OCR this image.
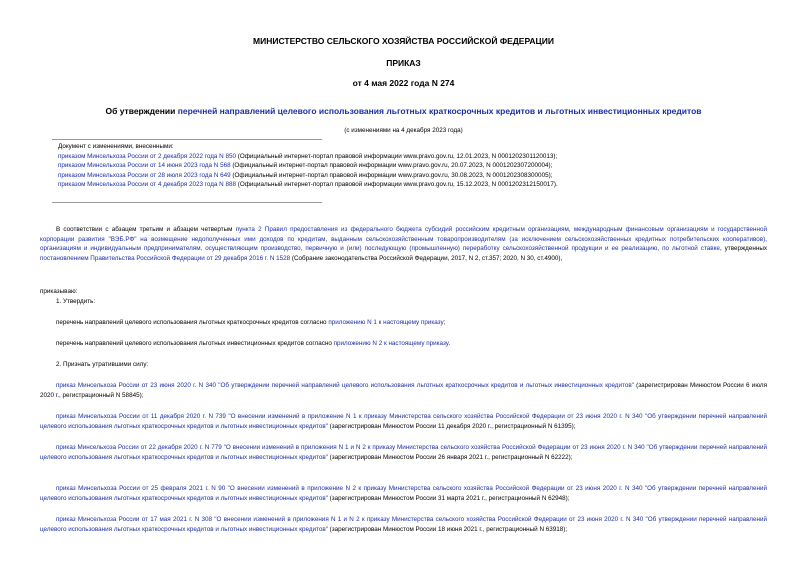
МИНИСТЕРСТВО СЕЛЬСКОГО ХОЗЯЙСТВА РОССИЙСКОЙ ФЕДЕРАЦИИ
ПРИКАЗ
от 4 мая 2022 года N 274
Об утверждении перечней направлений целевого использования льготных краткосрочных кредитов и льготных инвестиционных кредитов
(с изменениями на 4 декабря 2023 года)
Документ с изменениями, внесенными:
приказом Минсельхоза России от 2 декабря 2022 года N 850 (Официальный интернет-портал правовой информации www.pravo.gov.ru, 12.01.2023, N 0001202301120013);
приказом Минсельхоза России от 14 июня 2023 года N 568 (Официальный интернет-портал правовой информации www.pravo.gov.ru, 20.07.2023, N 0001202307200004);
приказом Минсельхоза России от 28 июля 2023 года N 649 (Официальный интернет-портал правовой информации www.pravo.gov.ru, 30.08.2023, N 0001202308300005);
приказом Минсельхоза России от 4 декабря 2023 года N 888 (Официальный интернет-портал правовой информации www.pravo.gov.ru, 15.12.2023, N 0001202312150017).
В соответствии с абзацем третьим и абзацем четвертым пункта 2 Правил предоставления из федерального бюджета субсидий российским кредитным организациям, международным финансовым организациям и государственной корпорации развития "ВЭБ.РФ" на возмещение недополученных ими доходов по кредитам, выданным сельскохозяйственным товаропроизводителям (за исключением сельскохозяйственных кредитных потребительских кооперативов), организациям и индивидуальным предпринимателям, осуществляющим производство, первичную и (или) последующую (промышленную) переработку сельскохозяйственной продукции и ее реализацию, по льготной ставке, утвержденных постановлением Правительства Российской Федерации от 29 декабря 2016 г. N 1528 (Собрание законодательства Российской Федерации, 2017, N 2, ст.357; 2020, N 30, ст.4900),
приказываю:
1. Утвердить:
перечень направлений целевого использования льготных краткосрочных кредитов согласно приложению N 1 к настоящему приказу;
перечень направлений целевого использования льготных инвестиционных кредитов согласно приложению N 2 к настоящему приказу.
2. Признать утратившими силу:
приказ Минсельхоза России от 23 июня 2020 г. N 340 "Об утверждении перечней направлений целевого использования льготных краткосрочных кредитов и льготных инвестиционных кредитов" (зарегистрирован Минюстом России 6 июля 2020 г., регистрационный N 58845);
приказ Минсельхоза России от 11 декабря 2020 г. N 739 "О внесении изменений в приложение N 1 к приказу Министерства сельского хозяйства Российской Федерации от 23 июня 2020 г. N 340 "Об утверждении перечней направлений целевого использования льготных краткосрочных кредитов и льготных инвестиционных кредитов" (зарегистрирован Минюстом России 11 декабря 2020 г., регистрационный N 61395);
приказ Минсельхоза России от 22 декабря 2020 г. N 779 "О внесении изменений в приложения N 1 и N 2 к приказу Министерства сельского хозяйства Российской Федерации от 23 июня 2020 г. N 340 "Об утверждении перечней направлений целевого использования льготных краткосрочных кредитов и льготных инвестиционных кредитов" (зарегистрирован Минюстом России 26 января 2021 г., регистрационный N 62222);
приказ Минсельхоза России от 25 февраля 2021 г. N 90 "О внесении изменений в приложение N 2 к приказу Министерства сельского хозяйства Российской Федерации от 23 июня 2020 г. N 340 "Об утверждении перечней направлений целевого использования льготных краткосрочных кредитов и льготных инвестиционных кредитов" (зарегистрирован Минюстом России 31 марта 2021 г., регистрационный N 62948);
приказ Минсельхоза России от 17 мая 2021 г. N 308 "О внесении изменений в приложения N 1 и N 2 к приказу Министерства сельского хозяйства Российской Федерации от 23 июня 2020 г. N 340 "Об утверждении перечней направлений целевого использования льготных краткосрочных кредитов и льготных инвестиционных кредитов" (зарегистрирован Минюстом России 18 июня 2021 г., регистрационный N 63918);
